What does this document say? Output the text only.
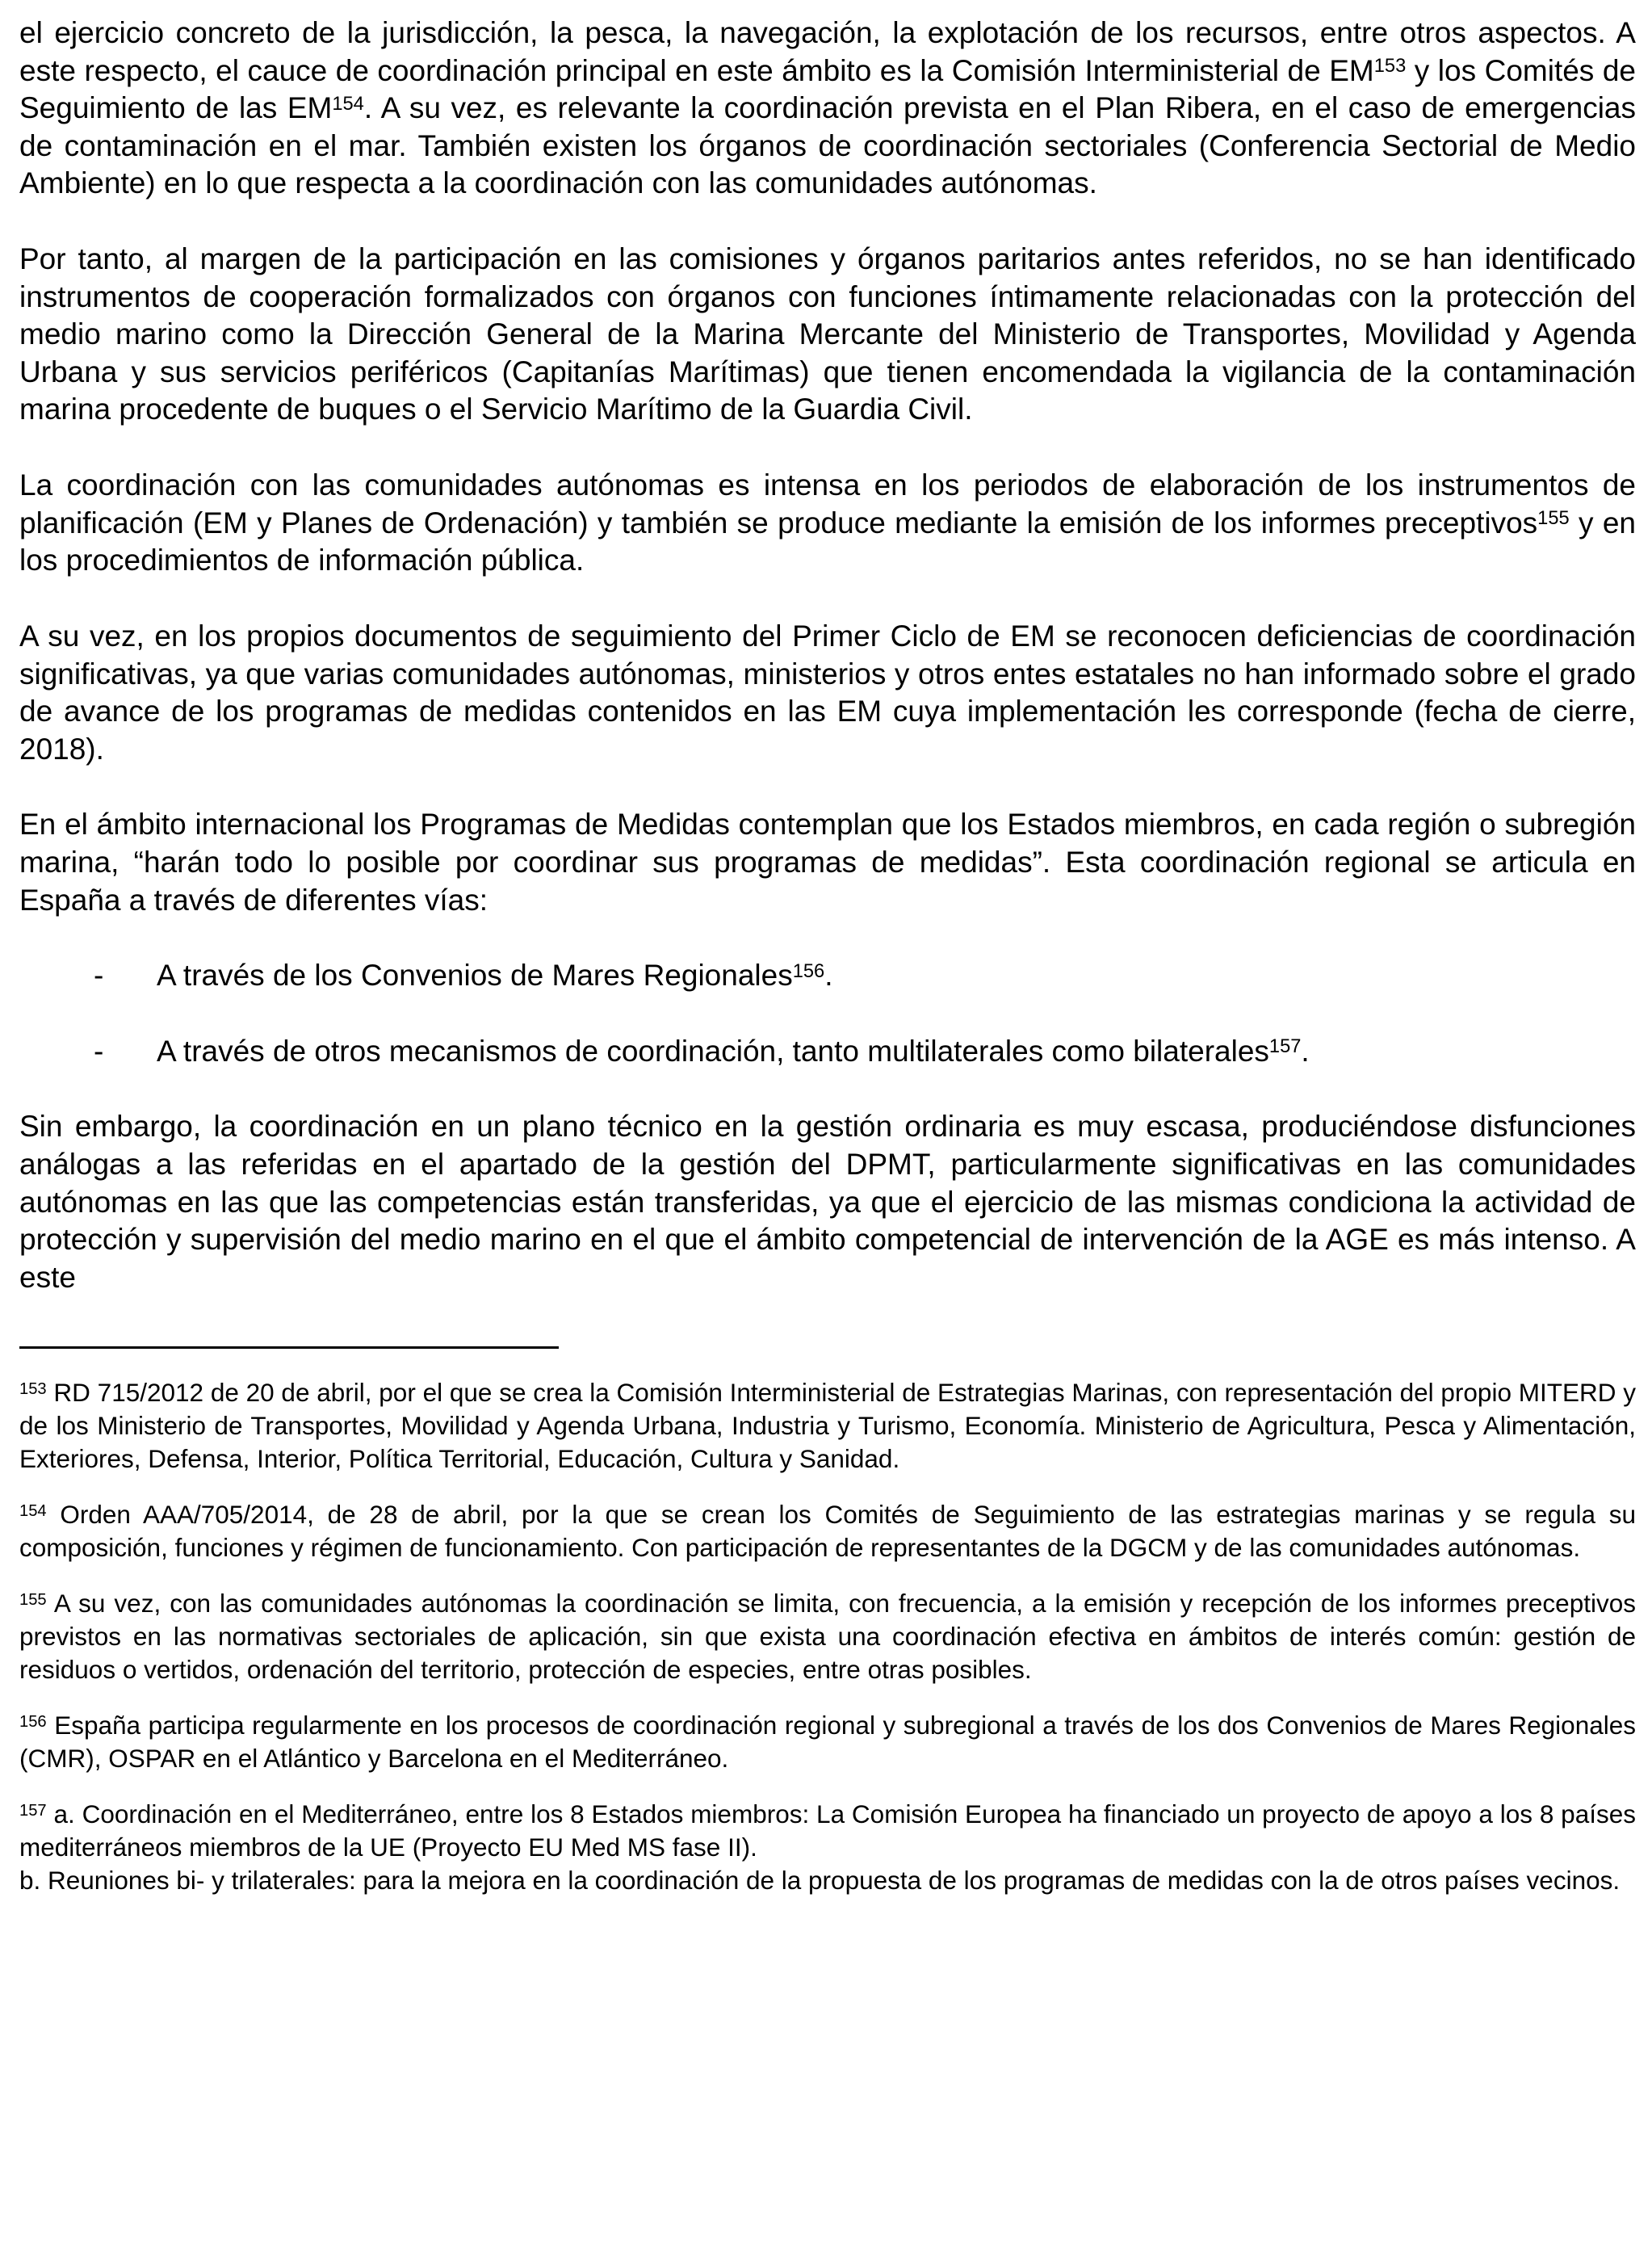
el ejercicio concreto de la jurisdicción, la pesca, la navegación, la explotación de los recursos, entre otros aspectos. A este respecto, el cauce de coordinación principal en este ámbito es la Comisión Interministerial de EM$^{153}$ y los Comités de Seguimiento de las EM$^{154}$. A su vez, es relevante la coordinación prevista en el Plan Ribera, en el caso de emergencias de contaminación en el mar. También existen los órganos de coordinación sectoriales (Conferencia Sectorial de Medio Ambiente) en lo que respecta a la coordinación con las comunidades autónomas.

Por tanto, al margen de la participación en las comisiones y órganos paritarios antes referidos, no se han identificado instrumentos de cooperación formalizados con órganos con funciones íntimamente relacionadas con la protección del medio marino como la Dirección General de la Marina Mercante del Ministerio de Transportes, Movilidad y Agenda Urbana y sus servicios periféricos (Capitanías Marítimas) que tienen encomendada la vigilancia de la contaminación marina procedente de buques o el Servicio Marítimo de la Guardia Civil.

La coordinación con las comunidades autónomas es intensa en los periodos de elaboración de los instrumentos de planificación (EM y Planes de Ordenación) y también se produce mediante la emisión de los informes preceptivos$^{155}$ y en los procedimientos de información pública.

A su vez, en los propios documentos de seguimiento del Primer Ciclo de EM se reconocen deficiencias de coordinación significativas, ya que varias comunidades autónomas, ministerios y otros entes estatales no han informado sobre el grado de avance de los programas de medidas contenidos en las EM cuya implementación les corresponde (fecha de cierre, 2018).

En el ámbito internacional los Programas de Medidas contemplan que los Estados miembros, en cada región o subregión marina, “harán todo lo posible por coordinar sus programas de medidas”. Esta coordinación regional se articula en España a través de diferentes vías:

-	A través de los Convenios de Mares Regionales$^{156}$.
-	A través de otros mecanismos de coordinación, tanto multilaterales como bilaterales$^{157}$.

Sin embargo, la coordinación en un plano técnico en la gestión ordinaria es muy escasa, produciéndose disfunciones análogas a las referidas en el apartado de la gestión del DPMT, particularmente significativas en las comunidades autónomas en las que las competencias están transferidas, ya que el ejercicio de las mismas condiciona la actividad de protección y supervisión del medio marino en el que el ámbito competencial de intervención de la AGE es más intenso. A este

$^{153}$ RD 715/2012 de 20 de abril, por el que se crea la Comisión Interministerial de Estrategias Marinas, con representación del propio MITERD y de los Ministerio de Transportes, Movilidad y Agenda Urbana, Industria y Turismo, Economía. Ministerio de Agricultura, Pesca y Alimentación, Exteriores, Defensa, Interior, Política Territorial, Educación, Cultura y Sanidad.

$^{154}$ Orden AAA/705/2014, de 28 de abril, por la que se crean los Comités de Seguimiento de las estrategias marinas y se regula su composición, funciones y régimen de funcionamiento. Con participación de representantes de la DGCM y de las comunidades autónomas.

$^{155}$ A su vez, con las comunidades autónomas la coordinación se limita, con frecuencia, a la emisión y recepción de los informes preceptivos previstos en las normativas sectoriales de aplicación, sin que exista una coordinación efectiva en ámbitos de interés común: gestión de residuos o vertidos, ordenación del territorio, protección de especies, entre otras posibles.

$^{156}$ España participa regularmente en los procesos de coordinación regional y subregional a través de los dos Convenios de Mares Regionales (CMR), OSPAR en el Atlántico y Barcelona en el Mediterráneo.

$^{157}$ a. Coordinación en el Mediterráneo, entre los 8 Estados miembros: La Comisión Europea ha financiado un proyecto de apoyo a los 8 países mediterráneos miembros de la UE (Proyecto EU Med MS fase II).

b. Reuniones bi- y trilaterales: para la mejora en la coordinación de la propuesta de los programas de medidas con la de otros países vecinos.
